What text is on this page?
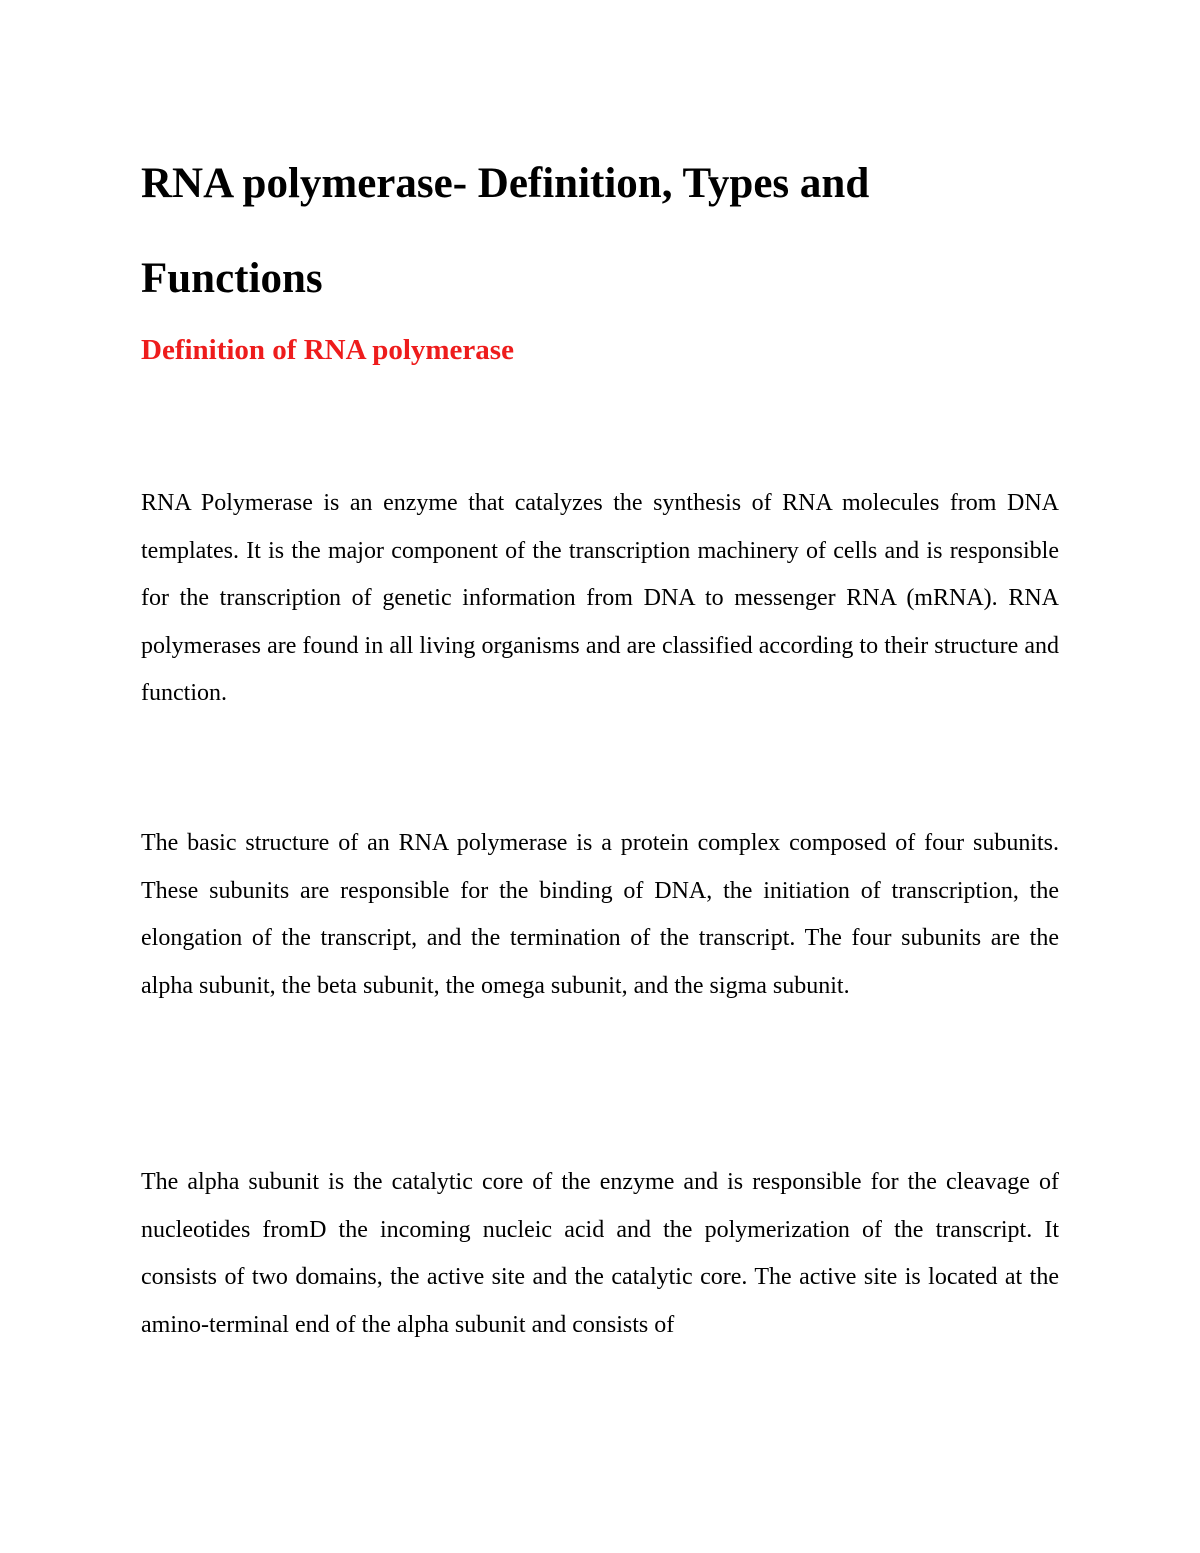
RNA polymerase- Definition, Types and Functions
Definition of RNA polymerase

RNA Polymerase is an enzyme that catalyzes the synthesis of RNA molecules from DNA templates. It is the major component of the transcription machinery of cells and is responsible for the transcription of genetic information from DNA to messenger RNA (mRNA). RNA polymerases are found in all living organisms and are classified according to their structure and function.

The basic structure of an RNA polymerase is a protein complex composed of four subunits. These subunits are responsible for the binding of DNA, the initiation of transcription, the elongation of the transcript, and the termination of the transcript. The four subunits are the alpha subunit, the beta subunit, the omega subunit, and the sigma subunit.

The alpha subunit is the catalytic core of the enzyme and is responsible for the cleavage of nucleotides fromD the incoming nucleic acid and the polymerization of the transcript. It consists of two domains, the active site and the catalytic core. The active site is located at the amino-terminal end of the alpha subunit and consists of
